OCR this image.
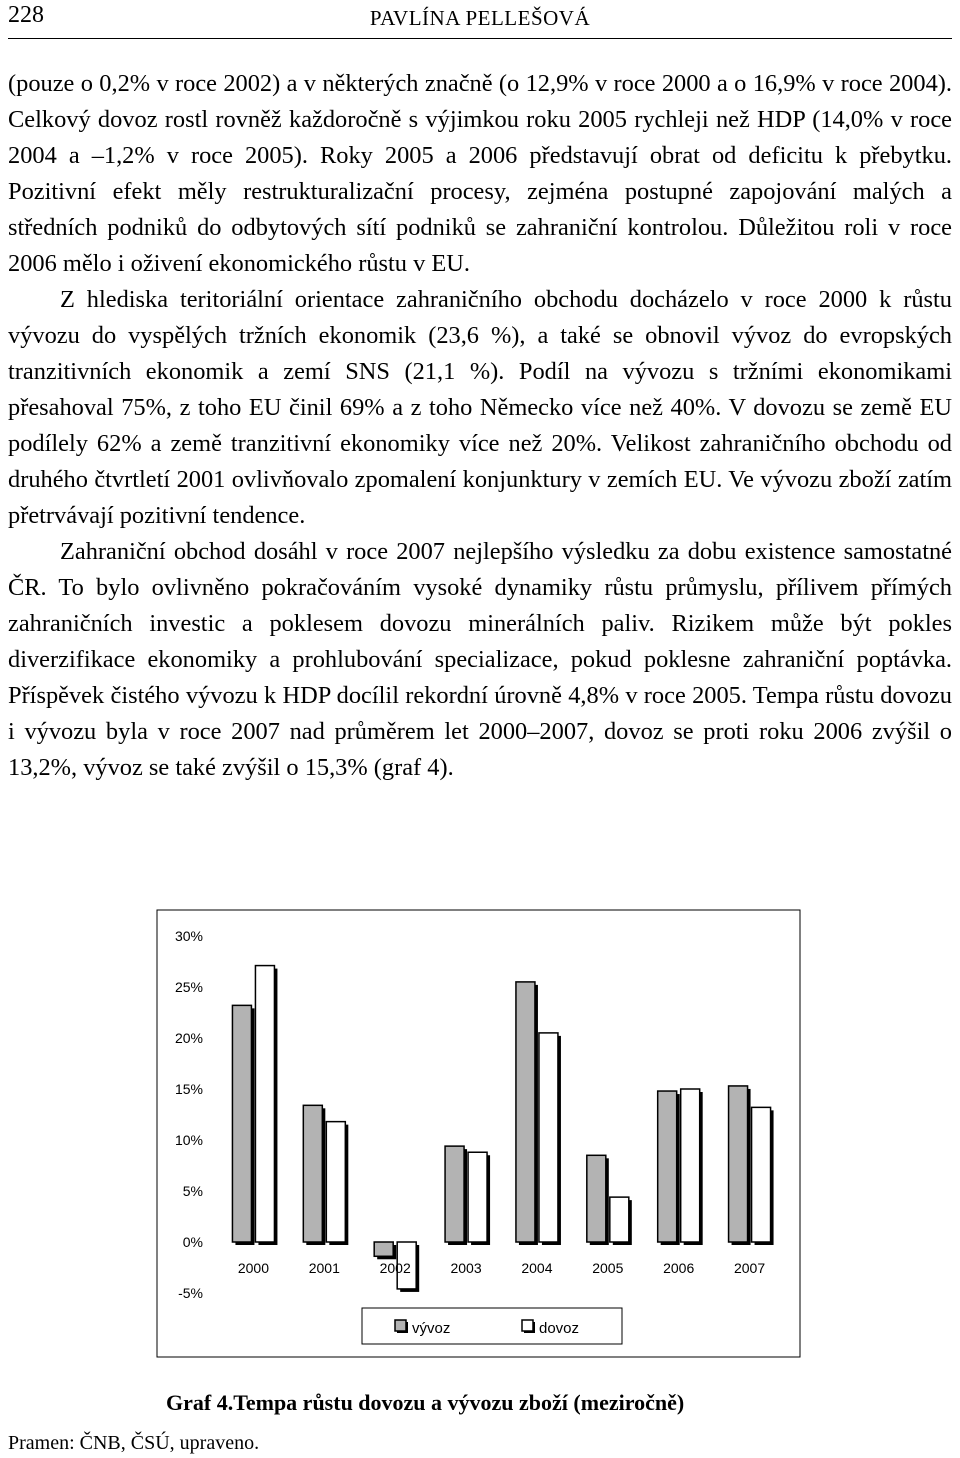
228	PAVLÍNA PELLEŠOVÁ

(pouze o 0,2% v roce 2002) a v některých značně (o 12,9% v roce 2000 a o 16,9% v roce 2004). Celkový dovoz rostl rovněž každoročně s výjimkou roku 2005 rychleji než HDP (14,0% v roce 2004 a –1,2% v roce 2005). Roky 2005 a 2006 představují obrat od deficitu k přebytku. Pozitivní efekt měly restrukturalizační procesy, zejména postupné zapojování malých a středních podniků do odbytových sítí podniků se zahraniční kontrolou. Důležitou roli v roce 2006 mělo i oživení ekonomického růstu v EU.

Z hlediska teritoriální orientace zahraničního obchodu docházelo v roce 2000 k růstu vývozu do vyspělých tržních ekonomik (23,6 %), a také se obnovil vývoz do evropských tranzitivních ekonomik a zemí SNS (21,1 %). Podíl na vývozu s tržními ekonomikami přesahoval 75%, z toho EU činil 69% a z toho Německo více než 40%. V dovozu se země EU podílely 62% a země tranzitivní ekonomiky více než 20%. Velikost zahraničního obchodu od druhého čtvrtletí 2001 ovlivňovalo zpomalení konjunktury v zemích EU. Ve vývozu zboží zatím přetrvávají pozitivní tendence.

Zahraniční obchod dosáhl v roce 2007 nejlepšího výsledku za dobu existence samostatné ČR. To bylo ovlivněno pokračováním vysoké dynamiky růstu průmyslu, přílivem přímých zahraničních investic a poklesem dovozu minerálních paliv. Rizikem může být pokles diverzifikace ekonomiky a prohlubování specializace, pokud poklesne zahraniční poptávka. Příspěvek čistého vývozu k HDP docílil rekordní úrovně 4,8% v roce 2005. Tempa růstu dovozu i vývozu byla v roce 2007 nad průměrem let 2000–2007, dovoz se proti roku 2006 zvýšil o 13,2%, vývoz se také zvýšil o 15,3% (graf 4).

30%
25%
20%
15%
10%
5%
0%
-5%
2000	2001	2002	2003	2004	2005	2006	2007
vývoz	dovoz
Graf 4.Tempa růstu dovozu a vývozu zboží (meziročně)
Pramen: ČNB, ČSÚ, upraveno.
